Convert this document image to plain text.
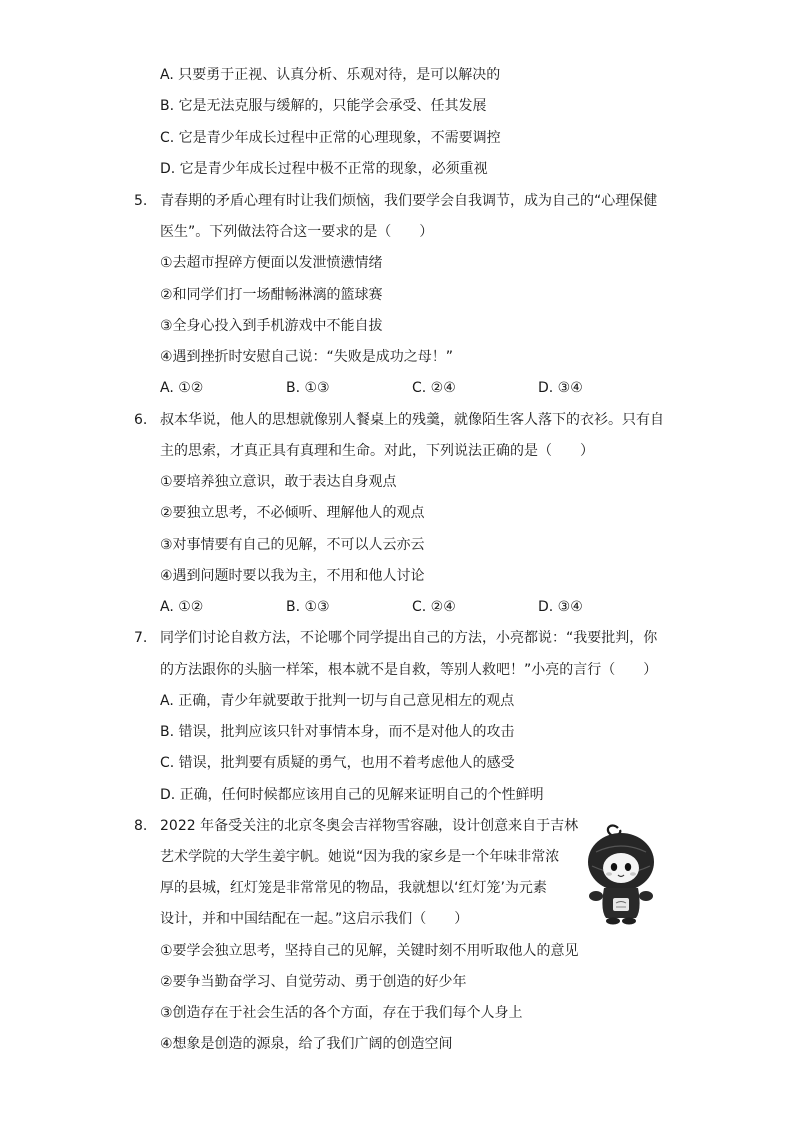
A. 只要勇于正视、认真分析、乐观对待，是可以解决的
B. 它是无法克服与缓解的，只能学会承受、任其发展
C. 它是青少年成长过程中正常的心理现象，不需要调控
D. 它是青少年成长过程中极不正常的现象，必须重视
5. 青春期的矛盾心理有时让我们烦恼，我们要学会自我调节，成为自己的“心理保健
医生”。下列做法符合这一要求的是（　　）
①去超市捏碎方便面以发泄愤懑情绪
②和同学们打一场酣畅淋漓的篮球赛
③全身心投入到手机游戏中不能自拔
④遇到挫折时安慰自己说：“失败是成功之母！”
A. ①②	B. ①③	C. ②④	D. ③④
6. 叔本华说，他人的思想就像别人餐桌上的残羹，就像陌生客人落下的衣衫。只有自
主的思索，才真正具有真理和生命。对此，下列说法正确的是（　　）
①要培养独立意识，敢于表达自身观点
②要独立思考，不必倾听、理解他人的观点
③对事情要有自己的见解，不可以人云亦云
④遇到问题时要以我为主，不用和他人讨论
A. ①②	B. ①③	C. ②④	D. ③④
7. 同学们讨论自救方法，不论哪个同学提出自己的方法，小亮都说：“我要批判，你
的方法跟你的头脑一样笨，根本就不是自救，等别人救吧！”小亮的言行（　　）
A. 正确，青少年就要敢于批判一切与自己意见相左的观点
B. 错误，批判应该只针对事情本身，而不是对他人的攻击
C. 错误，批判要有质疑的勇气，也用不着考虑他人的感受
D. 正确，任何时候都应该用自己的见解来证明自己的个性鲜明
8. 2022 年备受关注的北京冬奥会吉祥物雪容融，设计创意来自于吉林
艺术学院的大学生姜宇帆。她说“因为我的家乡是一个年味非常浓
厚的县城，红灯笼是非常常见的物品，我就想以‘红灯笼’为元素
设计，并和中国结配在一起。”这启示我们（　　）
①要学会独立思考，坚持自己的见解，关键时刻不用听取他人的意见
②要争当勤奋学习、自觉劳动、勇于创造的好少年
③创造存在于社会生活的各个方面，存在于我们每个人身上
④想象是创造的源泉，给了我们广阔的创造空间
